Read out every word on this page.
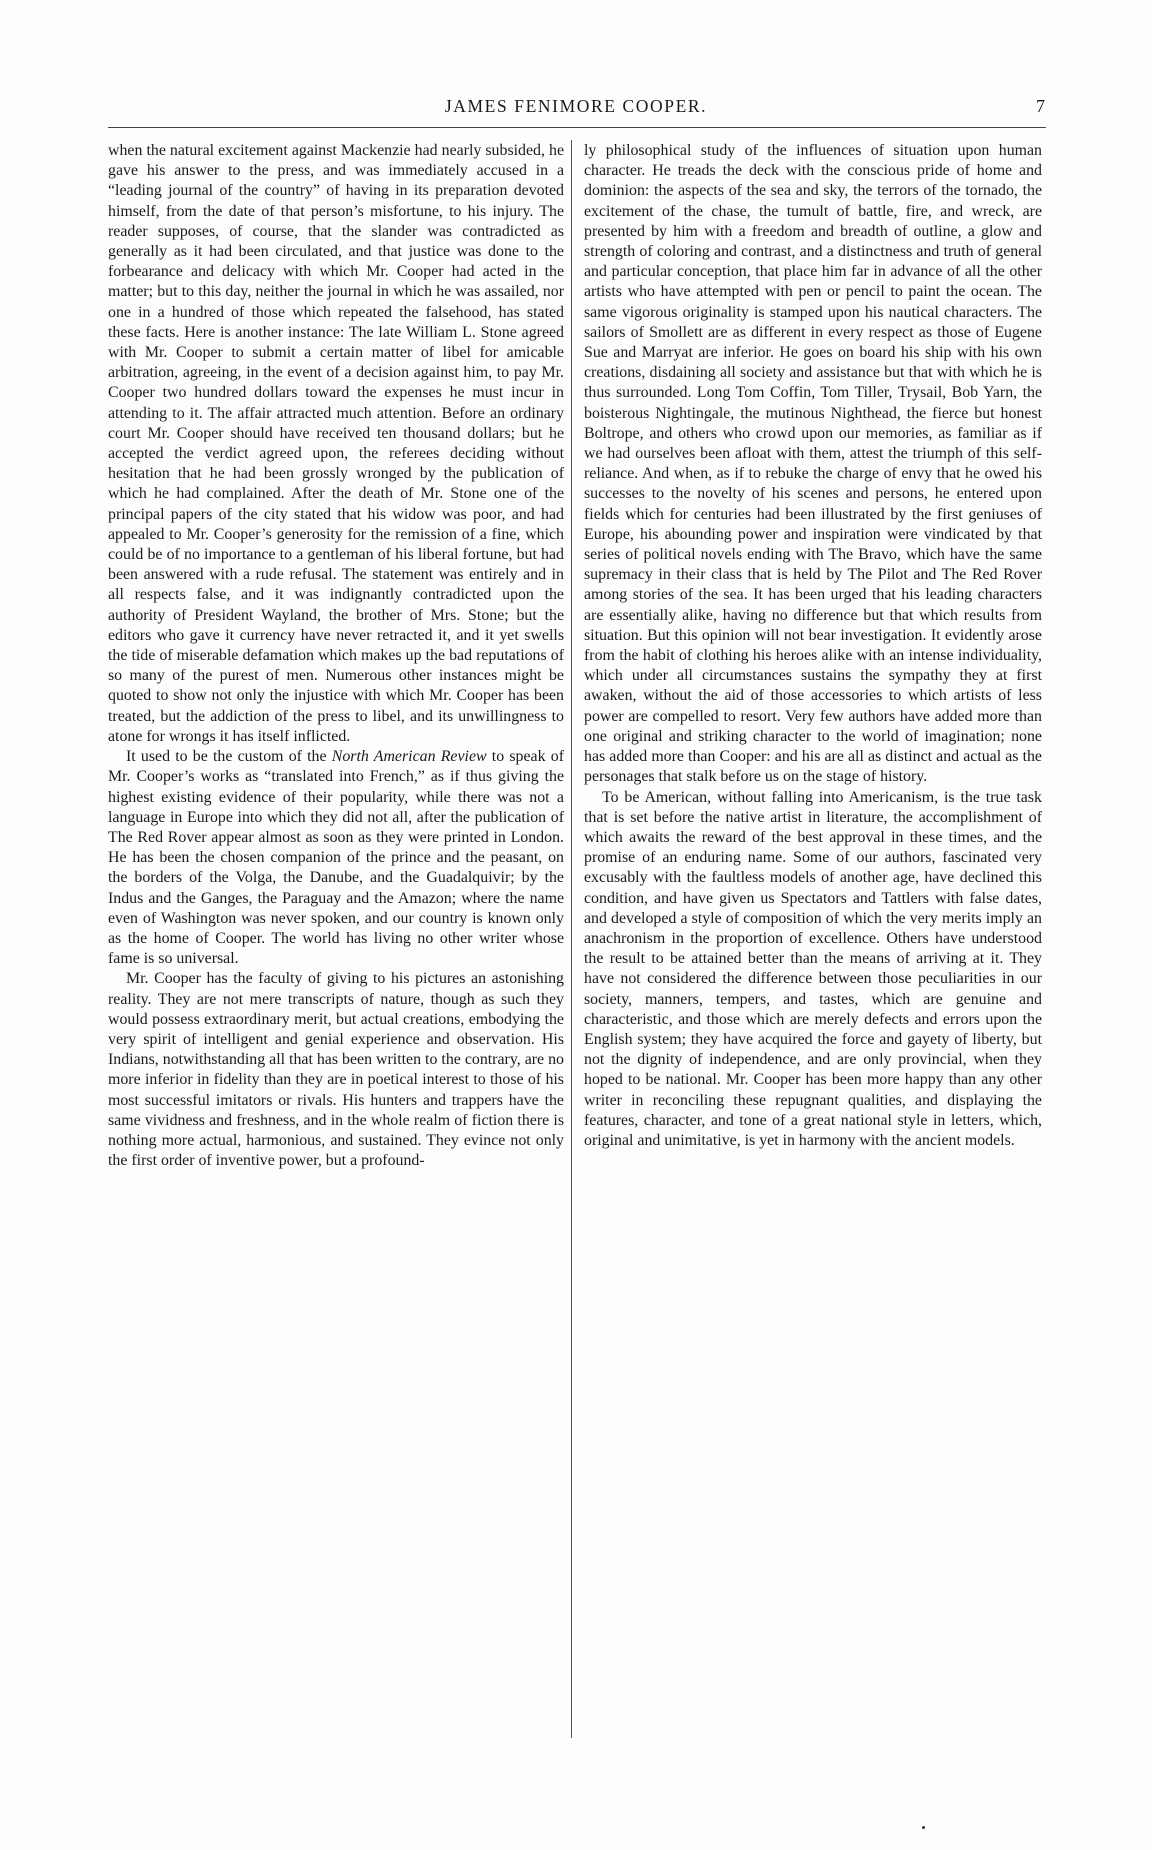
JAMES FENIMORE COOPER.	7

when the natural excitement against Mackenzie had nearly subsided, he gave his answer to the press, and was immediately accused in a “leading journal of the country” of having in its preparation devoted himself, from the date of that person’s misfortune, to his injury. The reader supposes, of course, that the slander was contradicted as generally as it had been circulated, and that justice was done to the forbearance and delicacy with which Mr. Cooper had acted in the matter; but to this day, neither the journal in which he was assailed, nor one in a hundred of those which repeated the falsehood, has stated these facts. Here is another instance: The late William L. Stone agreed with Mr. Cooper to submit a certain matter of libel for amicable arbitration, agreeing, in the event of a decision against him, to pay Mr. Cooper two hundred dollars toward the expenses he must incur in attending to it. The affair attracted much attention. Before an ordinary court Mr. Cooper should have received ten thousand dollars; but he accepted the verdict agreed upon, the referees deciding without hesitation that he had been grossly wronged by the publication of which he had complained. After the death of Mr. Stone one of the principal papers of the city stated that his widow was poor, and had appealed to Mr. Cooper’s generosity for the remission of a fine, which could be of no importance to a gentleman of his liberal fortune, but had been answered with a rude refusal. The statement was entirely and in all respects false, and it was indignantly contradicted upon the authority of President Wayland, the brother of Mrs. Stone; but the editors who gave it currency have never retracted it, and it yet swells the tide of miserable defamation which makes up the bad reputations of so many of the purest of men. Numerous other instances might be quoted to show not only the injustice with which Mr. Cooper has been treated, but the addiction of the press to libel, and its unwillingness to atone for wrongs it has itself inflicted.

It used to be the custom of the North American Review to speak of Mr. Cooper’s works as “translated into French,” as if thus giving the highest existing evidence of their popularity, while there was not a language in Europe into which they did not all, after the publication of The Red Rover appear almost as soon as they were printed in London. He has been the chosen companion of the prince and the peasant, on the borders of the Volga, the Danube, and the Guadalquivir; by the Indus and the Ganges, the Paraguay and the Amazon; where the name even of Washington was never spoken, and our country is known only as the home of Cooper. The world has living no other writer whose fame is so universal.

Mr. Cooper has the faculty of giving to his pictures an astonishing reality. They are not mere transcripts of nature, though as such they would possess extraordinary merit, but actual creations, embodying the very spirit of intelligent and genial experience and observation. His Indians, notwithstanding all that has been written to the contrary, are no more inferior in fidelity than they are in poetical interest to those of his most successful imitators or rivals. His hunters and trappers have the same vividness and freshness, and in the whole realm of fiction there is nothing more actual, harmonious, and sustained. They evince not only the first order of inventive power, but a profound-

ly philosophical study of the influences of situation upon human character. He treads the deck with the conscious pride of home and dominion: the aspects of the sea and sky, the terrors of the tornado, the excitement of the chase, the tumult of battle, fire, and wreck, are presented by him with a freedom and breadth of outline, a glow and strength of coloring and contrast, and a distinctness and truth of general and particular conception, that place him far in advance of all the other artists who have attempted with pen or pencil to paint the ocean. The same vigorous originality is stamped upon his nautical characters. The sailors of Smollett are as different in every respect as those of Eugene Sue and Marryat are inferior. He goes on board his ship with his own creations, disdaining all society and assistance but that with which he is thus surrounded. Long Tom Coffin, Tom Tiller, Trysail, Bob Yarn, the boisterous Nightingale, the mutinous Nighthead, the fierce but honest Boltrope, and others who crowd upon our memories, as familiar as if we had ourselves been afloat with them, attest the triumph of this self-reliance. And when, as if to rebuke the charge of envy that he owed his successes to the novelty of his scenes and persons, he entered upon fields which for centuries had been illustrated by the first geniuses of Europe, his abounding power and inspiration were vindicated by that series of political novels ending with The Bravo, which have the same supremacy in their class that is held by The Pilot and The Red Rover among stories of the sea. It has been urged that his leading characters are essentially alike, having no difference but that which results from situation. But this opinion will not bear investigation. It evidently arose from the habit of clothing his heroes alike with an intense individuality, which under all circumstances sustains the sympathy they at first awaken, without the aid of those accessories to which artists of less power are compelled to resort. Very few authors have added more than one original and striking character to the world of imagination; none has added more than Cooper: and his are all as distinct and actual as the personages that stalk before us on the stage of history.

To be American, without falling into Americanism, is the true task that is set before the native artist in literature, the accomplishment of which awaits the reward of the best approval in these times, and the promise of an enduring name. Some of our authors, fascinated very excusably with the faultless models of another age, have declined this condition, and have given us Spectators and Tattlers with false dates, and developed a style of composition of which the very merits imply an anachronism in the proportion of excellence. Others have understood the result to be attained better than the means of arriving at it. They have not considered the difference between those peculiarities in our society, manners, tempers, and tastes, which are genuine and characteristic, and those which are merely defects and errors upon the English system; they have acquired the force and gayety of liberty, but not the dignity of independence, and are only provincial, when they hoped to be national. Mr. Cooper has been more happy than any other writer in reconciling these repugnant qualities, and displaying the features, character, and tone of a great national style in letters, which, original and unimitative, is yet in harmony with the ancient models.
